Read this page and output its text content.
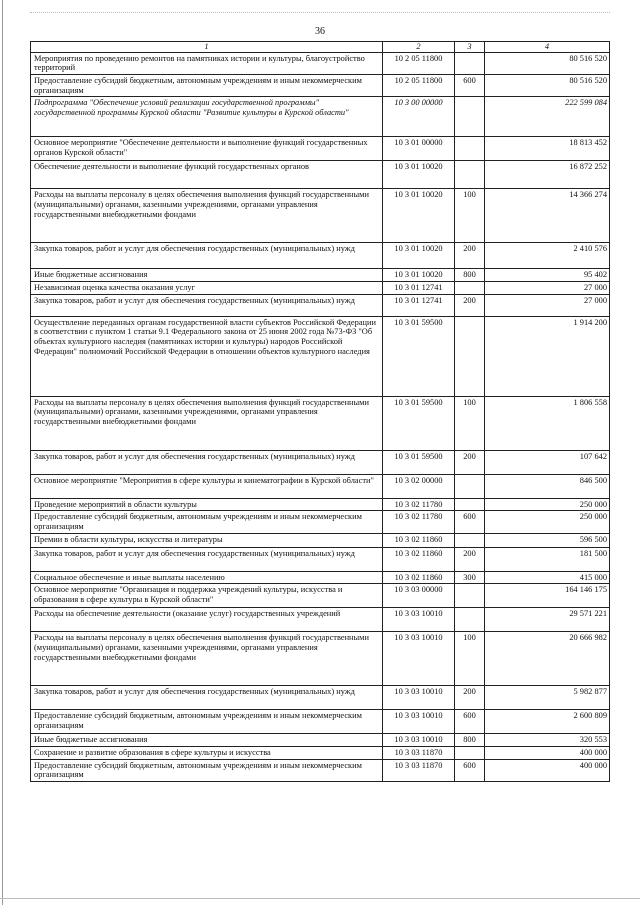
36
1	2	3	4
Мероприятия по проведению ремонтов на памятниках истории и культуры, благоустройство территорий	10 2 05 11800		80 516 520
Предоставление субсидий бюджетным, автономным учреждениям и иным некоммерческим организациям	10 2 05 11800	600	80 516 520
Подпрограмма "Обеспечение условий реализации государственной программы" государственной программы Курской области "Развитие культуры в Курской области"	10 3 00 00000		222 599 084
Основное мероприятие "Обеспечение деятельности и выполнение функций государственных органов Курской области"	10 3 01 00000		18 813 452
Обеспечение деятельности и выполнение функций государственных органов	10 3 01 10020		16 872 252
Расходы на выплаты персоналу в целях обеспечения выполнения функций государственными (муниципальными) органами, казенными учреждениями, органами управления государственными внебюджетными фондами	10 3 01 10020	100	14 366 274
Закупка товаров, работ и услуг для обеспечения государственных (муниципальных) нужд	10 3 01 10020	200	2 410 576
Иные бюджетные ассигнования	10 3 01 10020	800	95 402
Независимая оценка качества оказания услуг	10 3 01 12741		27 000
Закупка товаров, работ и услуг для обеспечения государственных (муниципальных) нужд	10 3 01 12741	200	27 000
Осуществление переданных органам государственной власти субъектов Российской Федерации в соответствии с пунктом 1 статьи 9.1 Федерального закона от 25 июня 2002 года №73-ФЗ "Об объектах культурного наследия (памятниках истории и культуры) народов Российской Федерации" полномочий Российской Федерации в отношении объектов культурного наследия	10 3 01 59500		1 914 200
Расходы на выплаты персоналу в целях обеспечения выполнения функций государственными (муниципальными) органами, казенными учреждениями, органами управления государственными внебюджетными фондами	10 3 01 59500	100	1 806 558
Закупка товаров, работ и услуг для обеспечения государственных (муниципальных) нужд	10 3 01 59500	200	107 642
Основное мероприятие "Мероприятия в сфере культуры и кинематографии в Курской области"	10 3 02 00000		846 500
Проведение мероприятий в области культуры	10 3 02 11780		250 000
Предоставление субсидий бюджетным, автономным учреждениям и иным некоммерческим организациям	10 3 02 11780	600	250 000
Премии в области культуры, искусства и литературы	10 3 02 11860		596 500
Закупка товаров, работ и услуг для обеспечения государственных (муниципальных) нужд	10 3 02 11860	200	181 500
Социальное обеспечение и иные выплаты населению	10 3 02 11860	300	415 000
Основное мероприятие "Организация и поддержка учреждений культуры, искусства и образования в сфере культуры в Курской области"	10 3 03 00000		164 146 175
Расходы на обеспечение деятельности (оказание услуг) государственных учреждений	10 3 03 10010		29 571 221
Расходы на выплаты персоналу в целях обеспечения выполнения функций государственными (муниципальными) органами, казенными учреждениями, органами управления государственными внебюджетными фондами	10 3 03 10010	100	20 666 982
Закупка товаров, работ и услуг для обеспечения государственных (муниципальных) нужд	10 3 03 10010	200	5 982 877
Предоставление субсидий бюджетным, автономным учреждениям и иным некоммерческим организациям	10 3 03 10010	600	2 600 809
Иные бюджетные ассигнования	10 3 03 10010	800	320 553
Сохранение и развитие образования в сфере культуры и искусства	10 3 03 11870		400 000
Предоставление субсидий бюджетным, автономным учреждениям и иным некоммерческим организациям	10 3 03 11870	600	400 000
